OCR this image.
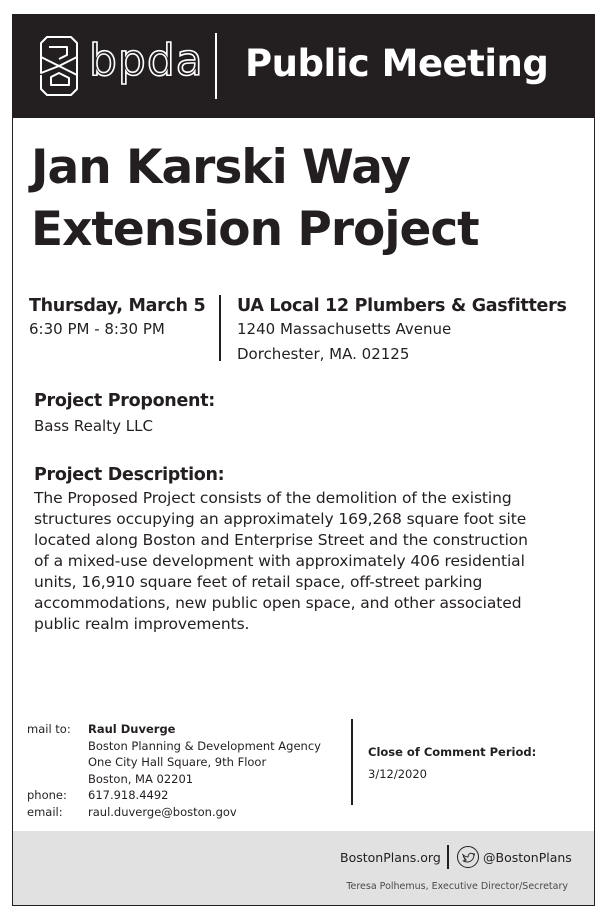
bpda Public Meeting
Jan Karski Way
Extension Project
Thursday, March 5
6:30 PM - 8:30 PM
UA Local 12 Plumbers & Gasfitters
1240 Massachusetts Avenue
Dorchester, MA. 02125
Project Proponent:
Bass Realty LLC
Project Description:
The Proposed Project consists of the demolition of the existing
structures occupying an approximately 169,268 square foot site
located along Boston and Enterprise Street and the construction
of a mixed-use development with approximately 406 residential
units, 16,910 square feet of retail space, off-street parking
accommodations, new public open space, and other associated
public realm improvements.
mail to:	Raul Duverge
Boston Planning & Development Agency
One City Hall Square, 9th Floor
Boston, MA 02201
phone:	617.918.4492
email:	raul.duverge@boston.gov
Close of Comment Period:
3/12/2020
BostonPlans.org	@BostonPlans
Teresa Polhemus, Executive Director/Secretary
